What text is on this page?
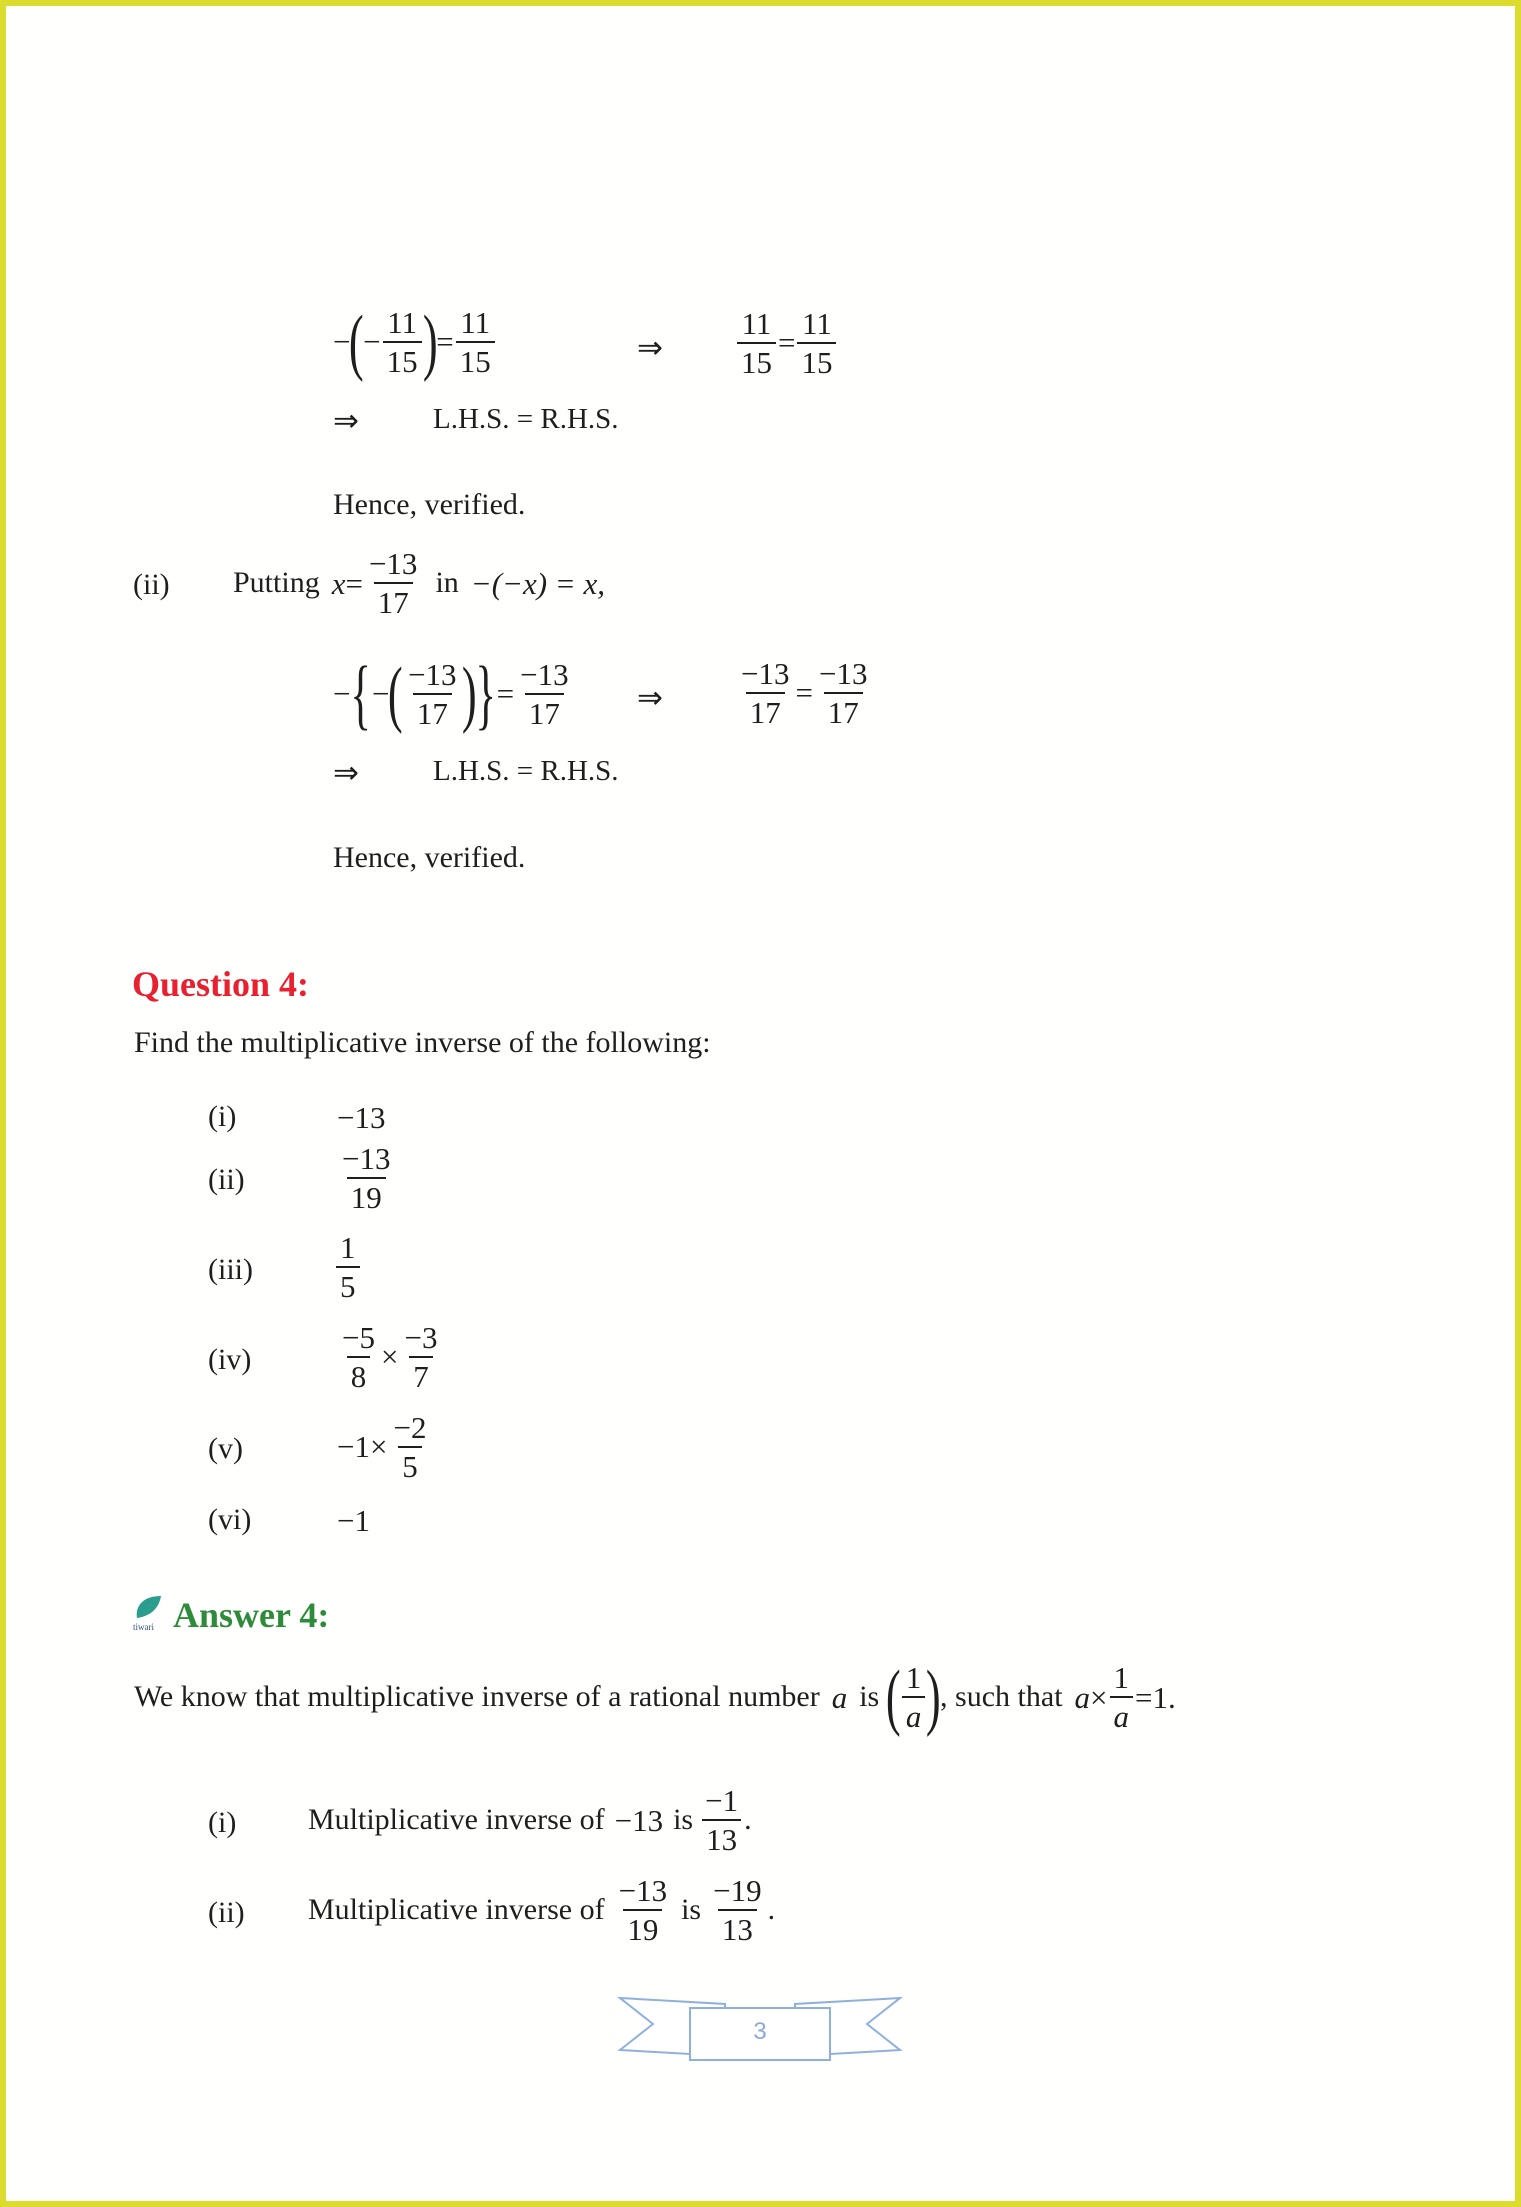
−
(
− $\frac{11}{15}$ )
= $\frac{11}{15}$	⇒ $\frac{11}{15} = \frac{11}{15}$
⇒	L.H.S. = R.H.S.
Hence, verified.
(ii) Putting $x = \frac{-13}{17}$ in −(−x) = x,
− { −
( $\frac{-13}{17}$ ) } = $\frac{-13}{17}$ ⇒ $\frac{-13}{17} = \frac{-13}{17}$
⇒	L.H.S. = R.H.S.
Hence, verified.
Question 4:
Find the multiplicative inverse of the following:
(i)	−13
(ii)	$\frac{-13}{19}$
(iii)	$\frac{1}{5}$
(iv)	$\frac{-5}{8} \times \frac{-3}{7}$
(v)	$-1\times \frac{-2}{5}$
(vi)	−1
tiwari Answer 4:
We know that multiplicative inverse of a rational number a is ( $\frac{1}{a}$ )
, such that $a \times \frac{1}{a} =1$.
(i) Multiplicative inverse of −13 is $\frac{-1}{13}$ .
(ii) Multiplicative inverse of $\frac{-13}{19}$ is $\frac{-19}{13}$ .
3
